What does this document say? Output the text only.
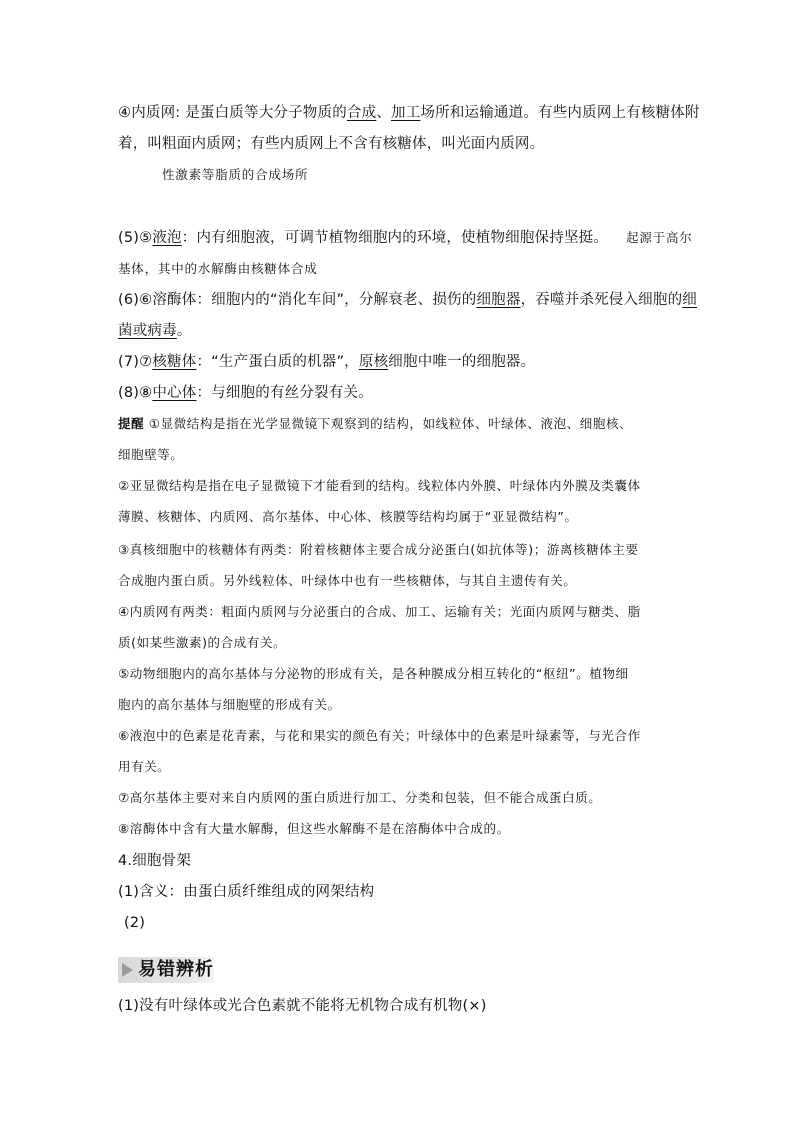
④内质网: 是蛋白质等大分子物质的合成、加工场所和运输通道。有些内质网上有核糖体附
着，叫粗面内质网；有些内质网上不含有核糖体，叫光面内质网。
性激素等脂质的合成场所
(5)⑤液泡：内有细胞液，可调节植物细胞内的环境，使植物细胞保持坚挺。 起源于高尔
基体，其中的水解酶由核糖体合成
(6)⑥溶酶体：细胞内的“消化车间”，分解衰老、损伤的细胞器，吞噬并杀死侵入细胞的细
菌或病毒。
(7)⑦核糖体：“生产蛋白质的机器”，原核细胞中唯一的细胞器。
(8)⑧中心体：与细胞的有丝分裂有关。
提醒 ①显微结构是指在光学显微镜下观察到的结构，如线粒体、叶绿体、液泡、细胞核、
细胞壁等。
②亚显微结构是指在电子显微镜下才能看到的结构。线粒体内外膜、叶绿体内外膜及类囊体
薄膜、核糖体、内质网、高尔基体、中心体、核膜等结构均属于“亚显微结构”。
③真核细胞中的核糖体有两类：附着核糖体主要合成分泌蛋白(如抗体等)；游离核糖体主要
合成胞内蛋白质。另外线粒体、叶绿体中也有一些核糖体，与其自主遗传有关。
④内质网有两类：粗面内质网与分泌蛋白的合成、加工、运输有关；光面内质网与糖类、脂
质(如某些激素)的合成有关。
⑤动物细胞内的高尔基体与分泌物的形成有关，是各种膜成分相互转化的“枢纽”。植物细
胞内的高尔基体与细胞壁的形成有关。
⑥液泡中的色素是花青素，与花和果实的颜色有关；叶绿体中的色素是叶绿素等，与光合作
用有关。
⑦高尔基体主要对来自内质网的蛋白质进行加工、分类和包装，但不能合成蛋白质。
⑧溶酶体中含有大量水解酶，但这些水解酶不是在溶酶体中合成的。
4.细胞骨架
(1)含义：由蛋白质纤维组成的网架结构
(2)
易错辨析
(1)没有叶绿体或光合色素就不能将无机物合成有机物(×)
